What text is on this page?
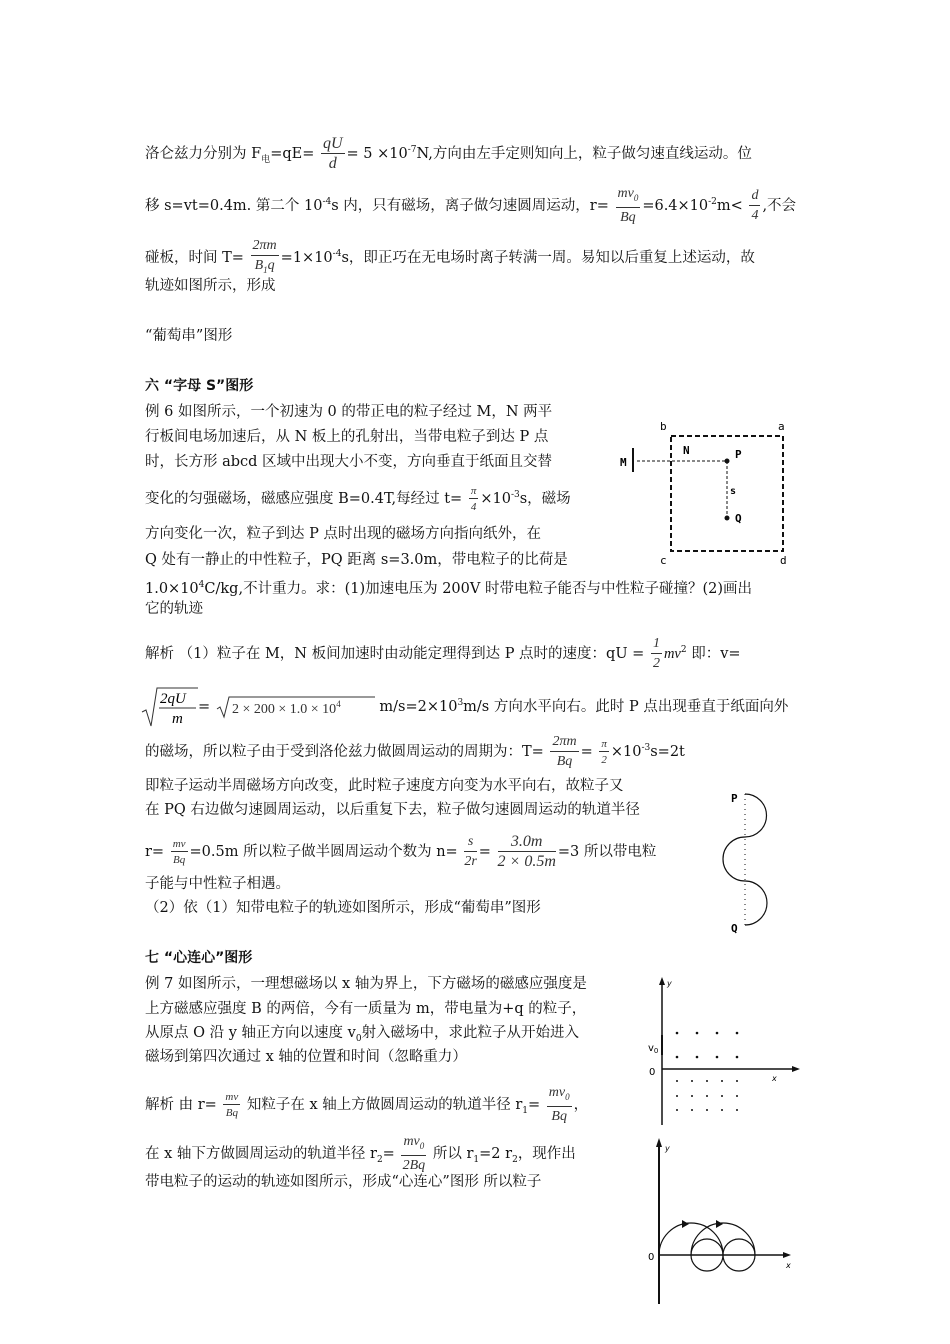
洛仑兹力分别为 $F_电=qE= \frac{qU}{d} = 5 \times 10^{-7}N$,方向由左手定则知向上，粒子做匀速直线运动。位
移 s=vt=0.4m. 第二个 $10^{-4}s$ 内，只有磁场，离子做匀速圆周运动，$r= \frac{mv_0}{Bq} =6.4\times 10^{-2}m< \frac{d}{4}$ ,不会
碰板，时间 $T= \frac{2\pi m}{B_1q} =1\times 10^{-4}s$，即正巧在无电场时离子转满一周。易知以后重复上述运动，故
轨迹如图所示，形成
“葡萄串”图形
六 “字母 S”图形
例 6 如图所示，一个初速为 0 的带正电的粒子经过 M，N 两平
行板间电场加速后，从 N 板上的孔射出，当带电粒子到达 P 点
时，长方形 abcd 区域中出现大小不变，方向垂直于纸面且交替
变化的匀强磁场，磁感应强度 B=0.4T,每经过 $t= \frac{\pi}{4} \times 10^{-3}s$，磁场
方向变化一次，粒子到达 P 点时出现的磁场方向指向纸外，在
Q 处有一静止的中性粒子，PQ 距离 s=3.0m，带电粒子的比荷是
$1.0\times 10^4C/kg$,不计重力。求：(1)加速电压为 200V 时带电粒子能否与中性粒子碰撞？(2)画出
它的轨迹
解析 （1）粒子在 M，N 板间加速时由动能定理得到达 P 点时的速度：qU = $\frac{1}{2} mv^2$ 即：v=
2qU
m
= $2 \times 200 \times 1.0 \times 10^4$ $m/s=2\times 10^3m/s$ 方向水平向右。此时 P 点出现垂直于纸面向外
的磁场，所以粒子由于受到洛伦兹力做圆周运动的周期为：$T= \frac{2\pi m}{Bq} = \frac{\pi}{2} \times 10^{-3}s=2t$
即粒子运动半周磁场方向改变，此时粒子速度方向变为水平向右，故粒子又
在 PQ 右边做匀速圆周运动，以后重复下去，粒子做匀速圆周运动的轨道半径
$r= \frac{mv}{Bq} =0.5m$ 所以粒子做半圆周运动个数为 $n= \frac{s}{2r} = \frac{3.0m}{2 \times 0.5m} =3$ 所以带电粒
子能与中性粒子相遇。
（2）依（1）知带电粒子的轨迹如图所示，形成“葡萄串”图形
b	a
c	d
M
N	P
Q
s
P
Q
七 “心连心”图形
例 7 如图所示，一理想磁场以 x 轴为界上，下方磁场的磁感应强度是
上方磁感应强度 B 的两倍，今有一质量为 m，带电量为+q 的粒子，
从原点 O 沿 y 轴正方向以速度 $v_0$射入磁场中，求此粒子从开始进入
磁场到第四次通过 x 轴的位置和时间（忽略重力）
解析 由 $r= \frac{mv}{Bq}$ 知粒子在 x 轴上方做圆周运动的轨道半径 $r_1= \frac{mv_0}{Bq}$ ，
在 x 轴下方做圆周运动的轨道半径 $r_2= \frac{mv_0}{2Bq}$ 所以 $r_1=2$ $r_2$，现作出
带电粒子的运动的轨迹如图所示，形成“心连心”图形 所以粒子
y
x
$v_0$
0
y
x
0
